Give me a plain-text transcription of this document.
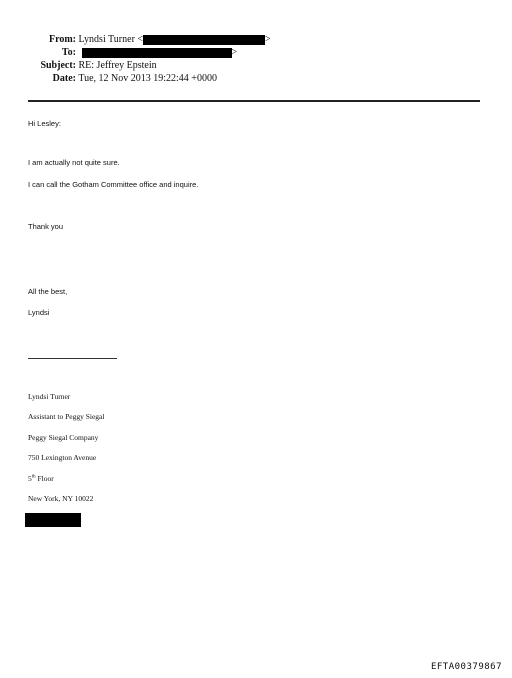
From: Lyndsi Turner <	>
To:	>
Subject: RE: Jeffrey Epstein
Date: Tue, 12 Nov 2013 19:22:44 +0000
Hi Lesley:
I am actually not quite sure.
I can call the Gotham Committee office and inquire.
Thank you
All the best,
Lyndsi
Lyndsi Turner
Assistant to Peggy Siegal
Peggy Siegal Company
750 Lexington Avenue
5th Floor
New York, NY 10022
EFTA00379867
